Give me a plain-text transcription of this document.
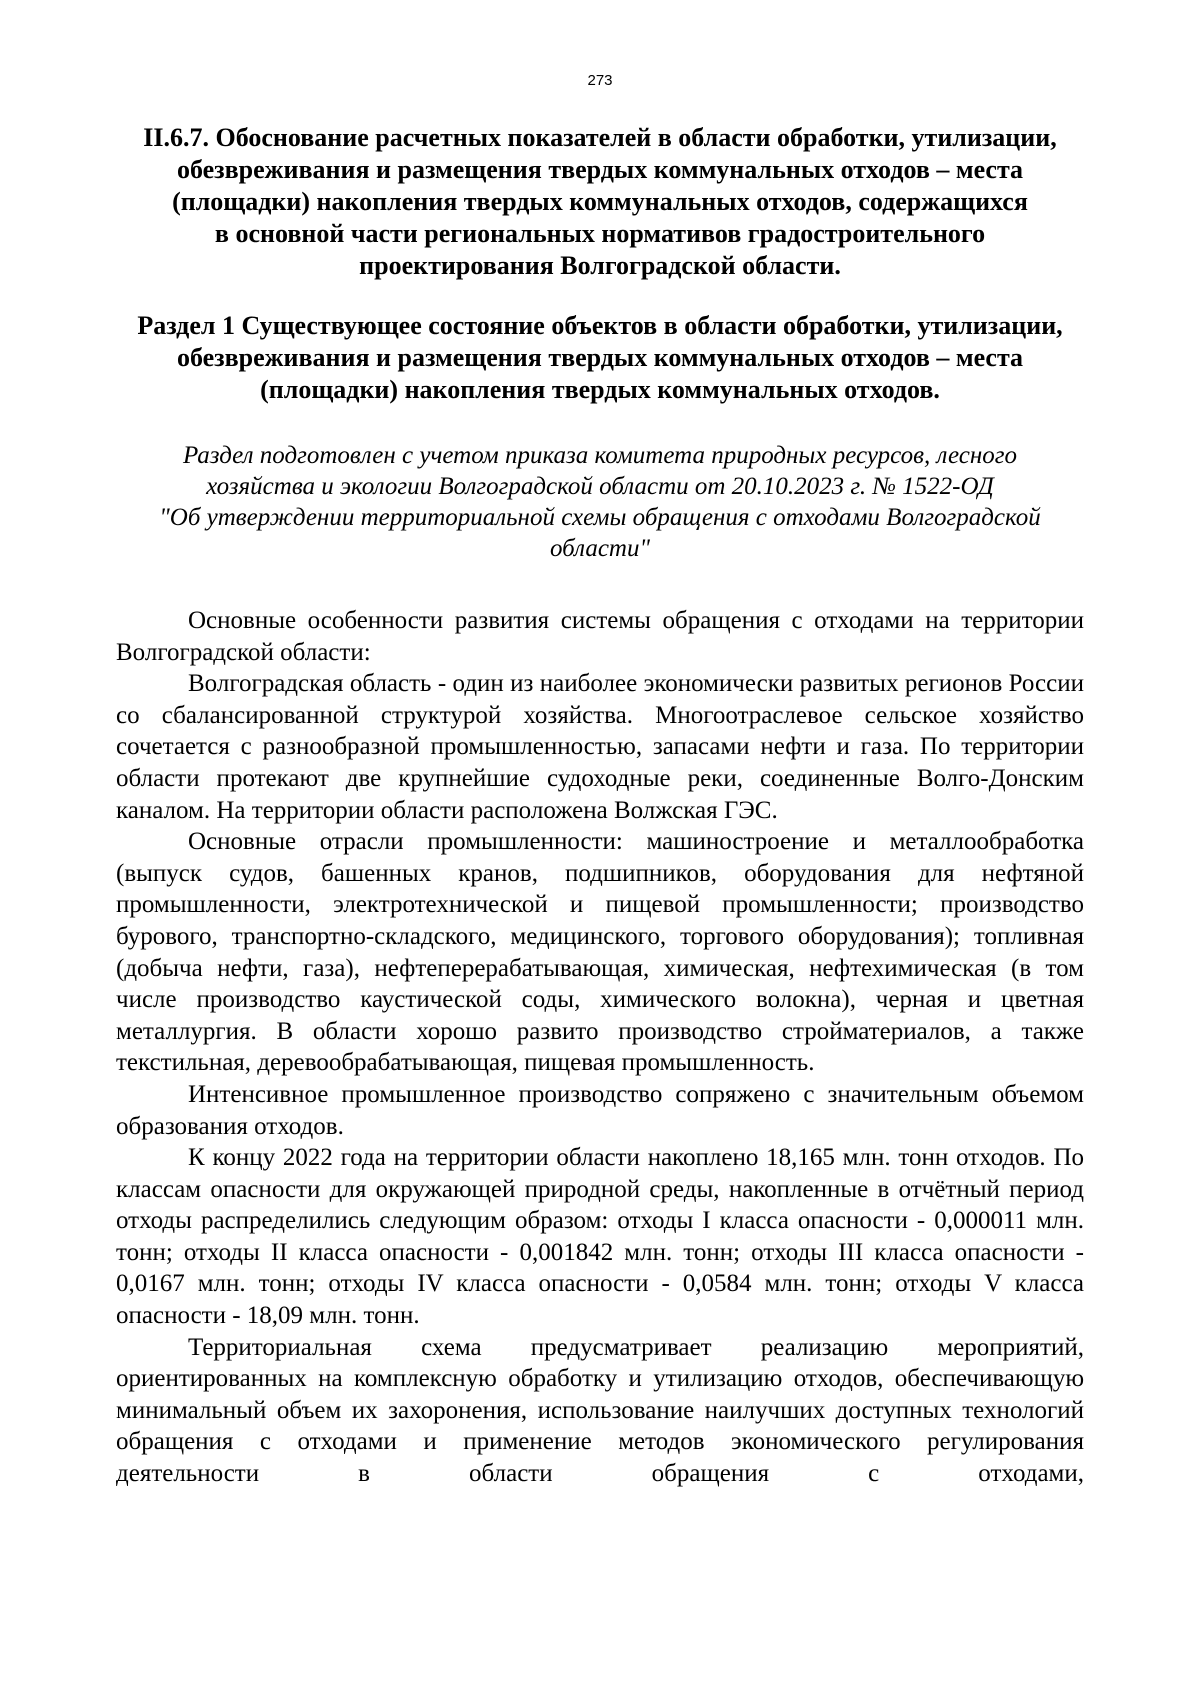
273
II.6.7. Обоснование расчетных показателей в области обработки, утилизации,
обезвреживания и размещения твердых коммунальных отходов – места
(площадки) накопления твердых коммунальных отходов, содержащихся
в основной части региональных нормативов градостроительного
проектирования Волгоградской области.
Раздел 1 Существующее состояние объектов в области обработки, утилизации,
обезвреживания и размещения твердых коммунальных отходов – места
(площадки) накопления твердых коммунальных отходов.

Раздел подготовлен с учетом приказа комитета природных ресурсов, лесного
хозяйства и экологии Волгоградской области от 20.10.2023 г. № 1522-ОД
"Об утверждении территориальной схемы обращения с отходами Волгоградской
области"

Основные особенности развития системы обращения с отходами на территории Волгоградской области:

Волгоградская область - один из наиболее экономически развитых регионов России со сбалансированной структурой хозяйства. Многоотраслевое сельское хозяйство сочетается с разнообразной промышленностью, запасами нефти и газа. По территории области протекают две крупнейшие судоходные реки, соединенные Волго-Донским каналом. На территории области расположена Волжская ГЭС.

Основные отрасли промышленности: машиностроение и металлообработка (выпуск судов, башенных кранов, подшипников, оборудования для нефтяной промышленности, электротехнической и пищевой промышленности; производство бурового, транспортно-складского, медицинского, торгового оборудования); топливная (добыча нефти, газа), нефтеперерабатывающая, химическая, нефтехимическая (в том числе производство каустической соды, химического волокна), черная и цветная металлургия. В области хорошо развито производство стройматериалов, а также текстильная, деревообрабатывающая, пищевая промышленность.

Интенсивное промышленное производство сопряжено с значительным объемом образования отходов.

К концу 2022 года на территории области накоплено 18,165 млн. тонн отходов. По классам опасности для окружающей природной среды, накопленные в отчётный период отходы распределились следующим образом: отходы I класса опасности - 0,000011 млн. тонн; отходы II класса опасности - 0,001842 млн. тонн; отходы III класса опасности - 0,0167 млн. тонн; отходы IV класса опасности - 0,0584 млн. тонн; отходы V класса опасности - 18,09 млн. тонн.

Территориальная схема предусматривает реализацию мероприятий, ориентированных на комплексную обработку и утилизацию отходов, обеспечивающую минимальный объем их захоронения, использование наилучших доступных технологий обращения с отходами и применение методов экономического регулирования деятельности в области обращения с отходами,
